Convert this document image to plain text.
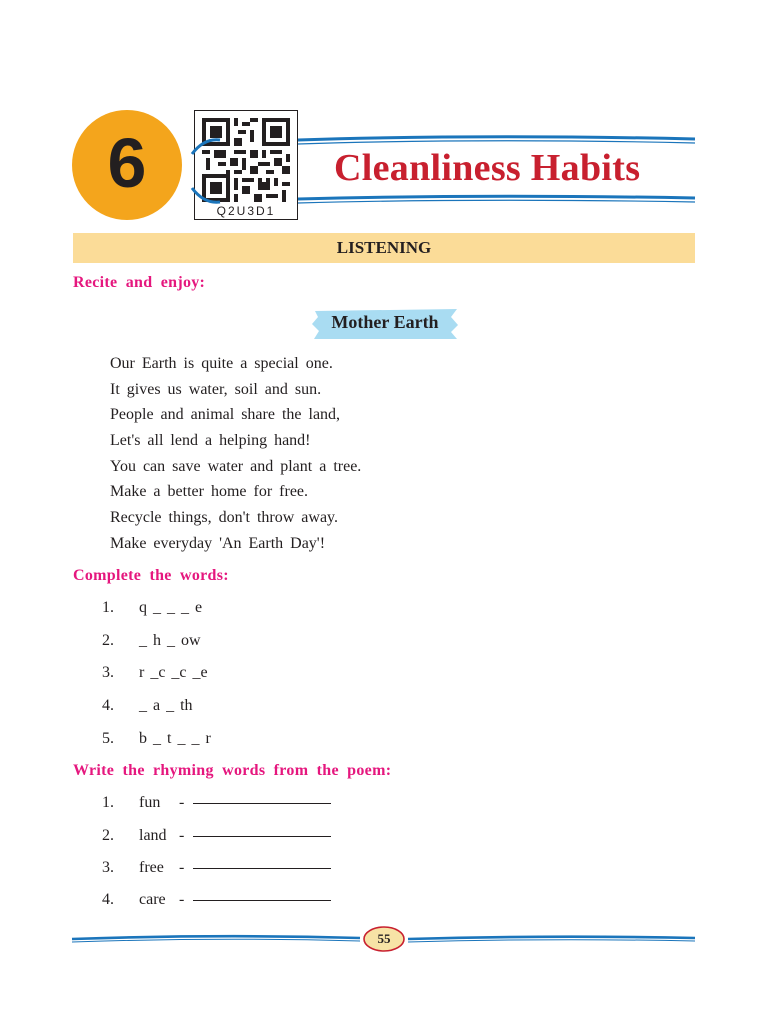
6
Q2U3D1
Cleanliness Habits
LISTENING
Recite and enjoy:
Mother Earth
Our Earth is quite a special one.
It gives us water, soil and sun.
People and animal share the land,
Let's all lend a helping hand!
You can save water and plant a tree.
Make a better home for free.
Recycle things, don't throw away.
Make everyday 'An Earth Day'!
Complete the words:
1.	q _ _ _ e
2.	_ h _ ow
3.	r _c _c _e
4.	_ a _ th
5.	b _ t _ _ r
Write the rhyming words from the poem:
1.	fun	-
2.	land -
3.	free -
4.	care -
55
